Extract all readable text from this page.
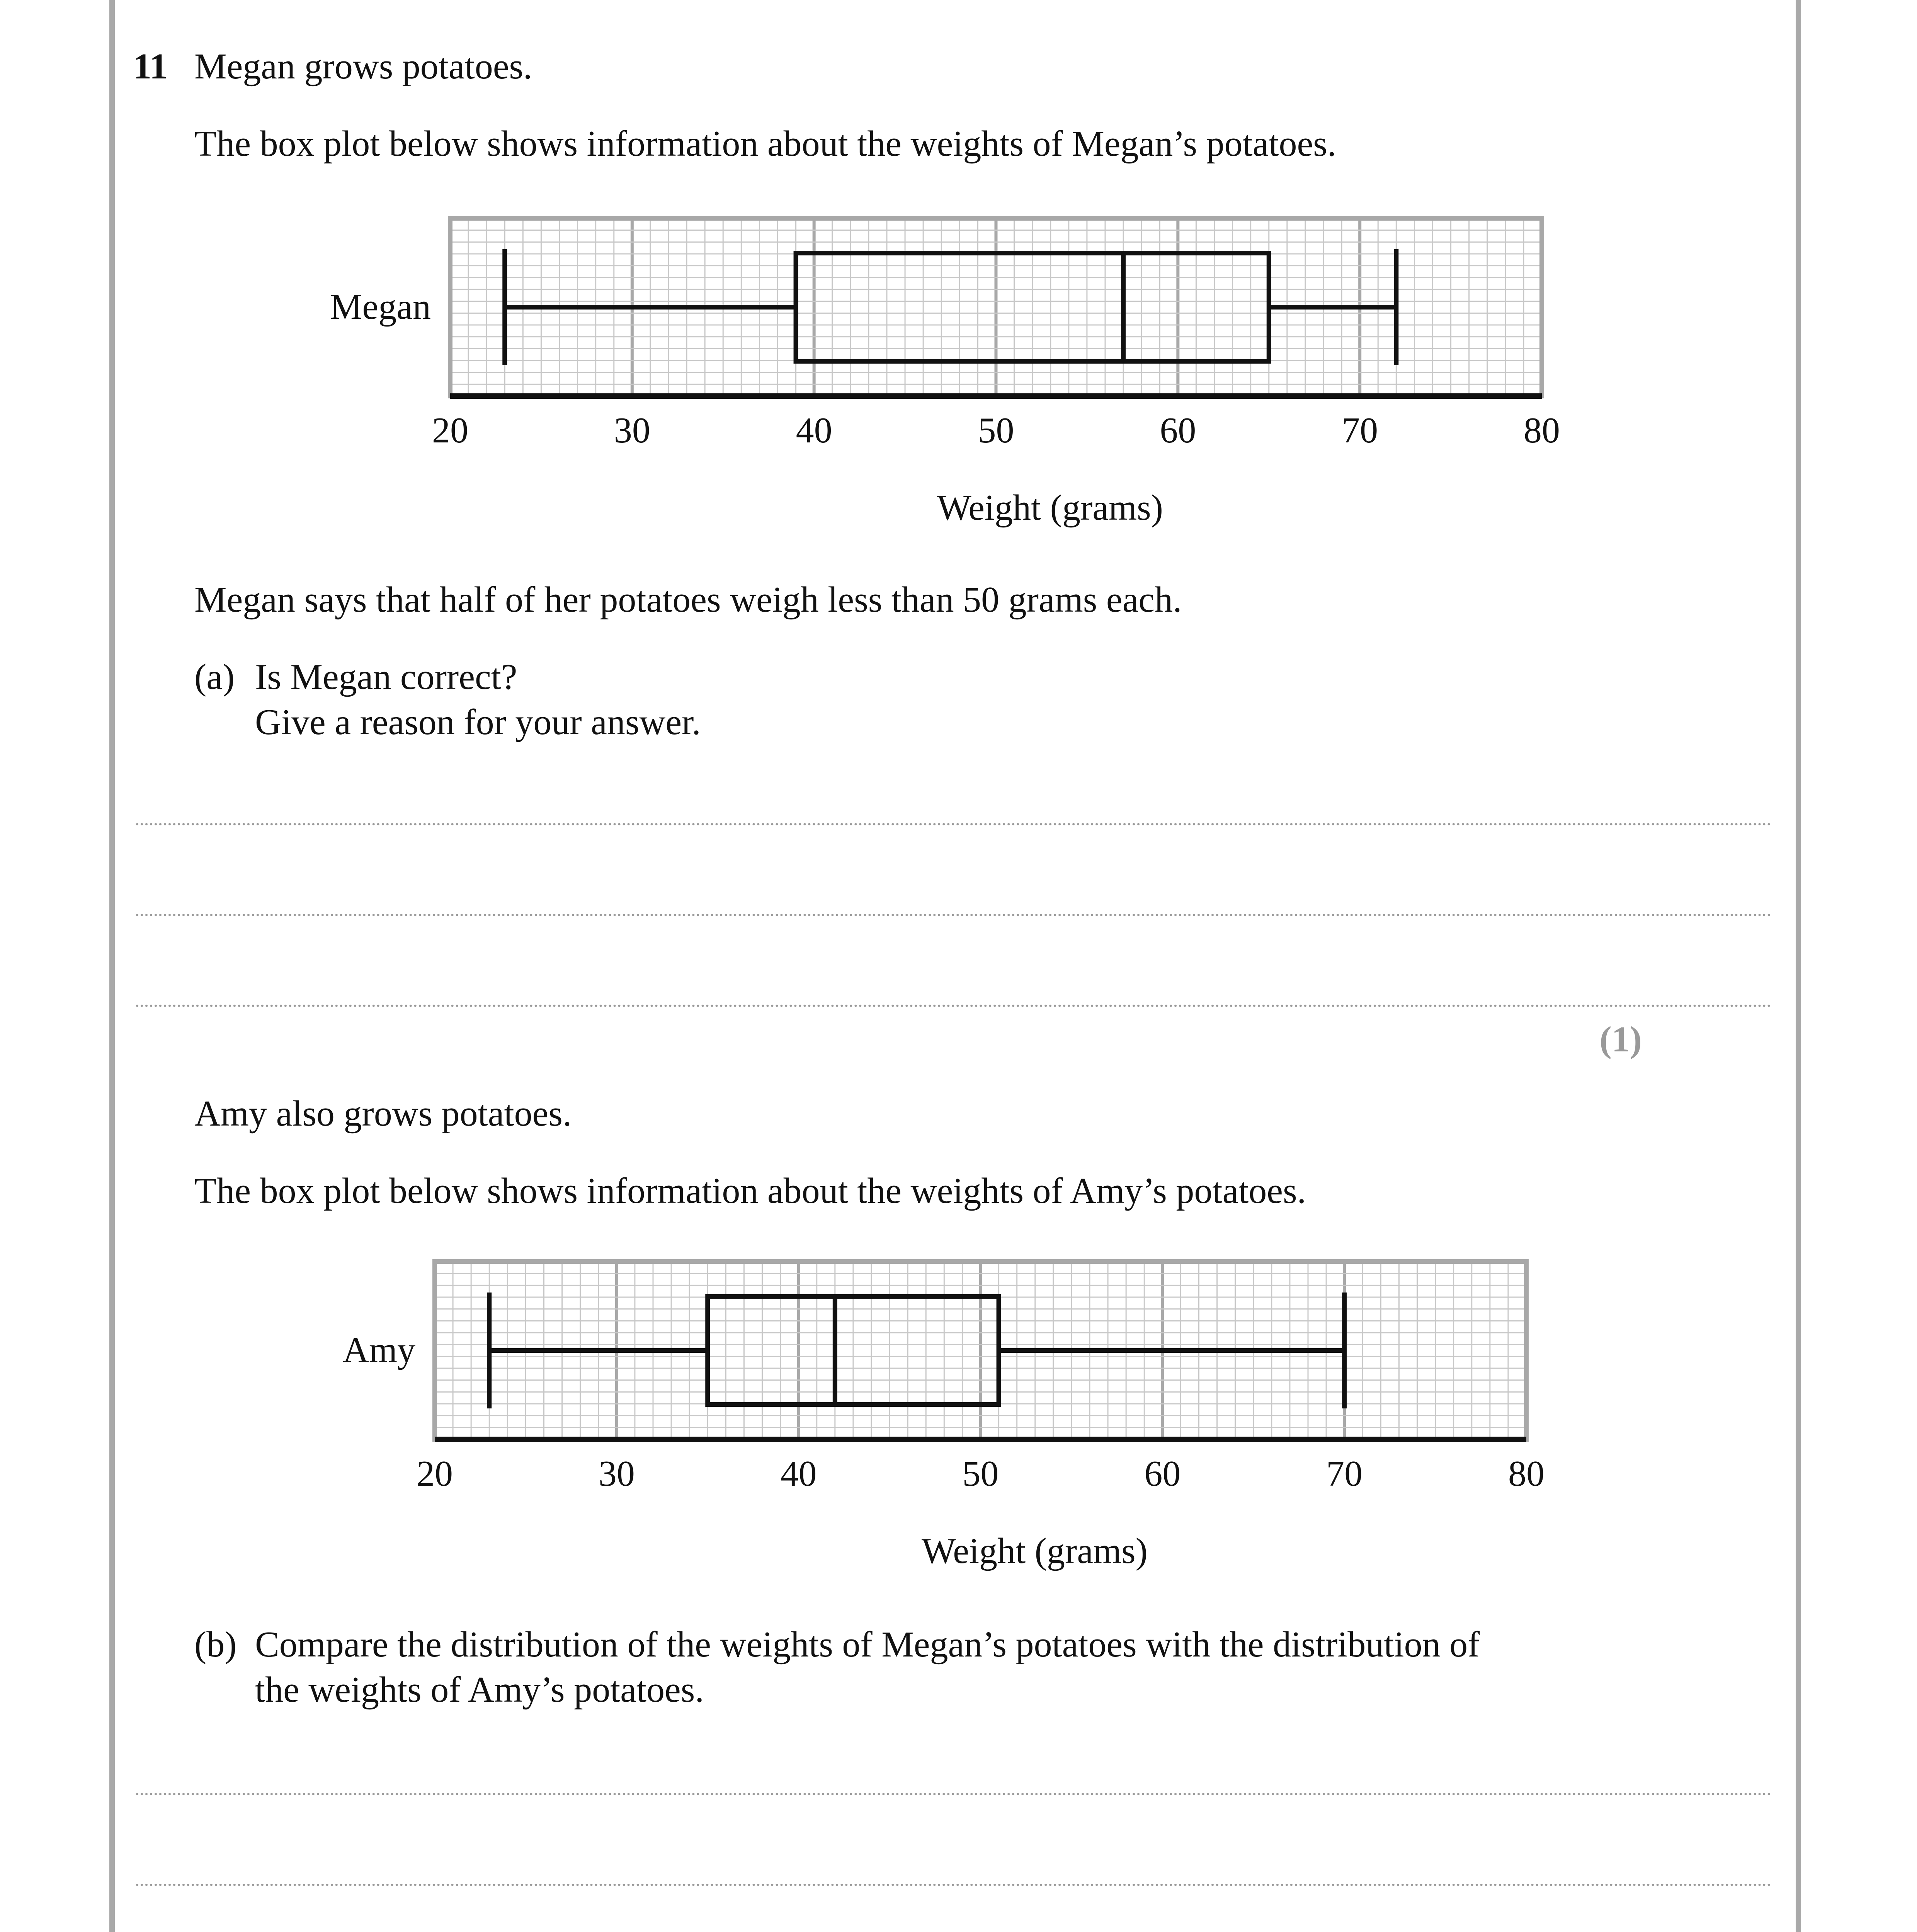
11 Megan grows potatoes.
The box plot below shows information about the weights of Megan’s potatoes.
20	30	40	50	60	70	80
Weight (grams)
Megan
Megan says that half of her potatoes weigh less than 50 grams each.
(a) Is Megan correct?
Give a reason for your answer.
(1)
Amy also grows potatoes.
The box plot below shows information about the weights of Amy’s potatoes.
20	30	40	50	60	70	80
Weight (grams)
Amy
(b) Compare the distribution of the weights of Megan’s potatoes with the distribution of
the weights of Amy’s potatoes.
